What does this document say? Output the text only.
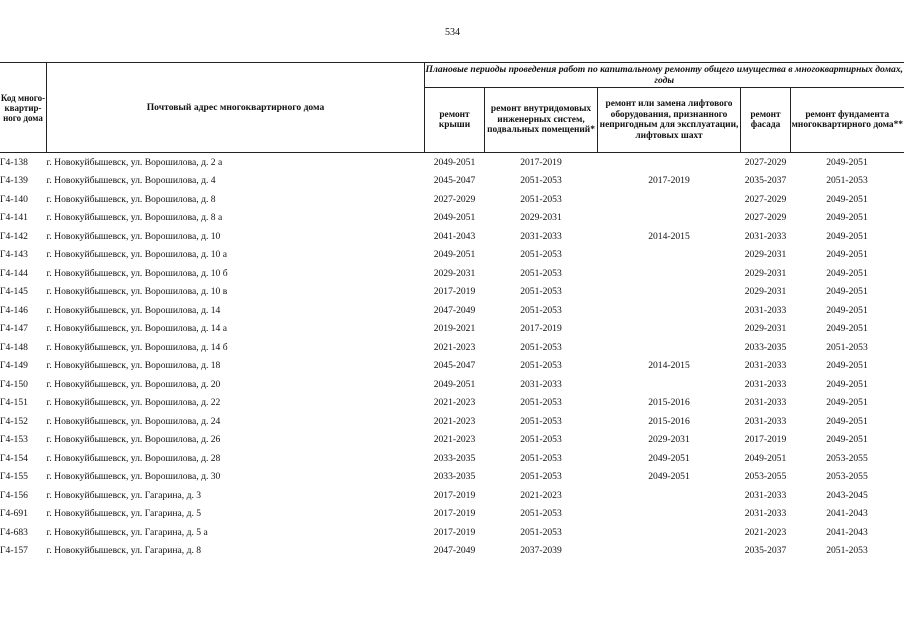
534
Код много-квартир-ного дома	Почтовый адрес многоквартирного дома	Плановые периоды проведения работ по капитальному ремонту общего имущества в многоквартирных домах, годы				
		ремонт крыши	ремонт внутридомовых инженерных систем, подвальных помещений*	ремонт или замена лифтового оборудования, признанного непригодным для эксплуатации, лифтовых шахт	ремонт фасада	ремонт фундамента многоквартирного дома**
Г4-138	г. Новокуйбышевск, ул. Ворошилова, д. 2 а	2049-2051	2017-2019		2027-2029	2049-2051
Г4-139	г. Новокуйбышевск, ул. Ворошилова, д. 4	2045-2047	2051-2053	2017-2019	2035-2037	2051-2053
Г4-140	г. Новокуйбышевск, ул. Ворошилова, д. 8	2027-2029	2051-2053		2027-2029	2049-2051
Г4-141	г. Новокуйбышевск, ул. Ворошилова, д. 8 а	2049-2051	2029-2031		2027-2029	2049-2051
Г4-142	г. Новокуйбышевск, ул. Ворошилова, д. 10	2041-2043	2031-2033	2014-2015	2031-2033	2049-2051
Г4-143	г. Новокуйбышевск, ул. Ворошилова, д. 10 а	2049-2051	2051-2053		2029-2031	2049-2051
Г4-144	г. Новокуйбышевск, ул. Ворошилова, д. 10 б	2029-2031	2051-2053		2029-2031	2049-2051
Г4-145	г. Новокуйбышевск, ул. Ворошилова, д. 10 в	2017-2019	2051-2053		2029-2031	2049-2051
Г4-146	г. Новокуйбышевск, ул. Ворошилова, д. 14	2047-2049	2051-2053		2031-2033	2049-2051
Г4-147	г. Новокуйбышевск, ул. Ворошилова, д. 14 а	2019-2021	2017-2019		2029-2031	2049-2051
Г4-148	г. Новокуйбышевск, ул. Ворошилова, д. 14 б	2021-2023	2051-2053		2033-2035	2051-2053
Г4-149	г. Новокуйбышевск, ул. Ворошилова, д. 18	2045-2047	2051-2053	2014-2015	2031-2033	2049-2051
Г4-150	г. Новокуйбышевск, ул. Ворошилова, д. 20	2049-2051	2031-2033		2031-2033	2049-2051
Г4-151	г. Новокуйбышевск, ул. Ворошилова, д. 22	2021-2023	2051-2053	2015-2016	2031-2033	2049-2051
Г4-152	г. Новокуйбышевск, ул. Ворошилова, д. 24	2021-2023	2051-2053	2015-2016	2031-2033	2049-2051
Г4-153	г. Новокуйбышевск, ул. Ворошилова, д. 26	2021-2023	2051-2053	2029-2031	2017-2019	2049-2051
Г4-154	г. Новокуйбышевск, ул. Ворошилова, д. 28	2033-2035	2051-2053	2049-2051	2049-2051	2053-2055
Г4-155	г. Новокуйбышевск, ул. Ворошилова, д. 30	2033-2035	2051-2053	2049-2051	2053-2055	2053-2055
Г4-156	г. Новокуйбышевск, ул. Гагарина, д. 3	2017-2019	2021-2023		2031-2033	2043-2045
Г4-691	г. Новокуйбышевск, ул. Гагарина, д. 5	2017-2019	2051-2053		2031-2033	2041-2043
Г4-683	г. Новокуйбышевск, ул. Гагарина, д. 5 а	2017-2019	2051-2053		2021-2023	2041-2043
Г4-157	г. Новокуйбышевск, ул. Гагарина, д. 8	2047-2049	2037-2039		2035-2037	2051-2053
